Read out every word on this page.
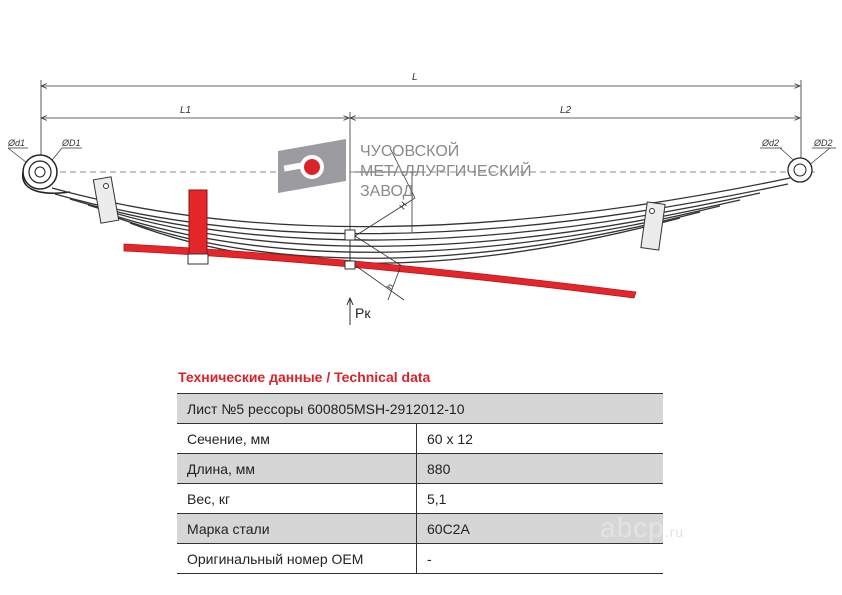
L
L1	L2
Ød1	ØD1	Ød2	ØD2
H
h
Pк
ЧУСОВСКОЙ
МЕТАЛЛУРГИЧЕСКИЙ
ЗАВОД
Технические данные / Technical data
Лист №5 рессоры 600805MSH-2912012-10	
Сечение, мм	60 x 12
Длина, мм	880
Вес, кг	5,1
Марка стали	60С2А
Оригинальный номер OEM	-
abcp.ru
